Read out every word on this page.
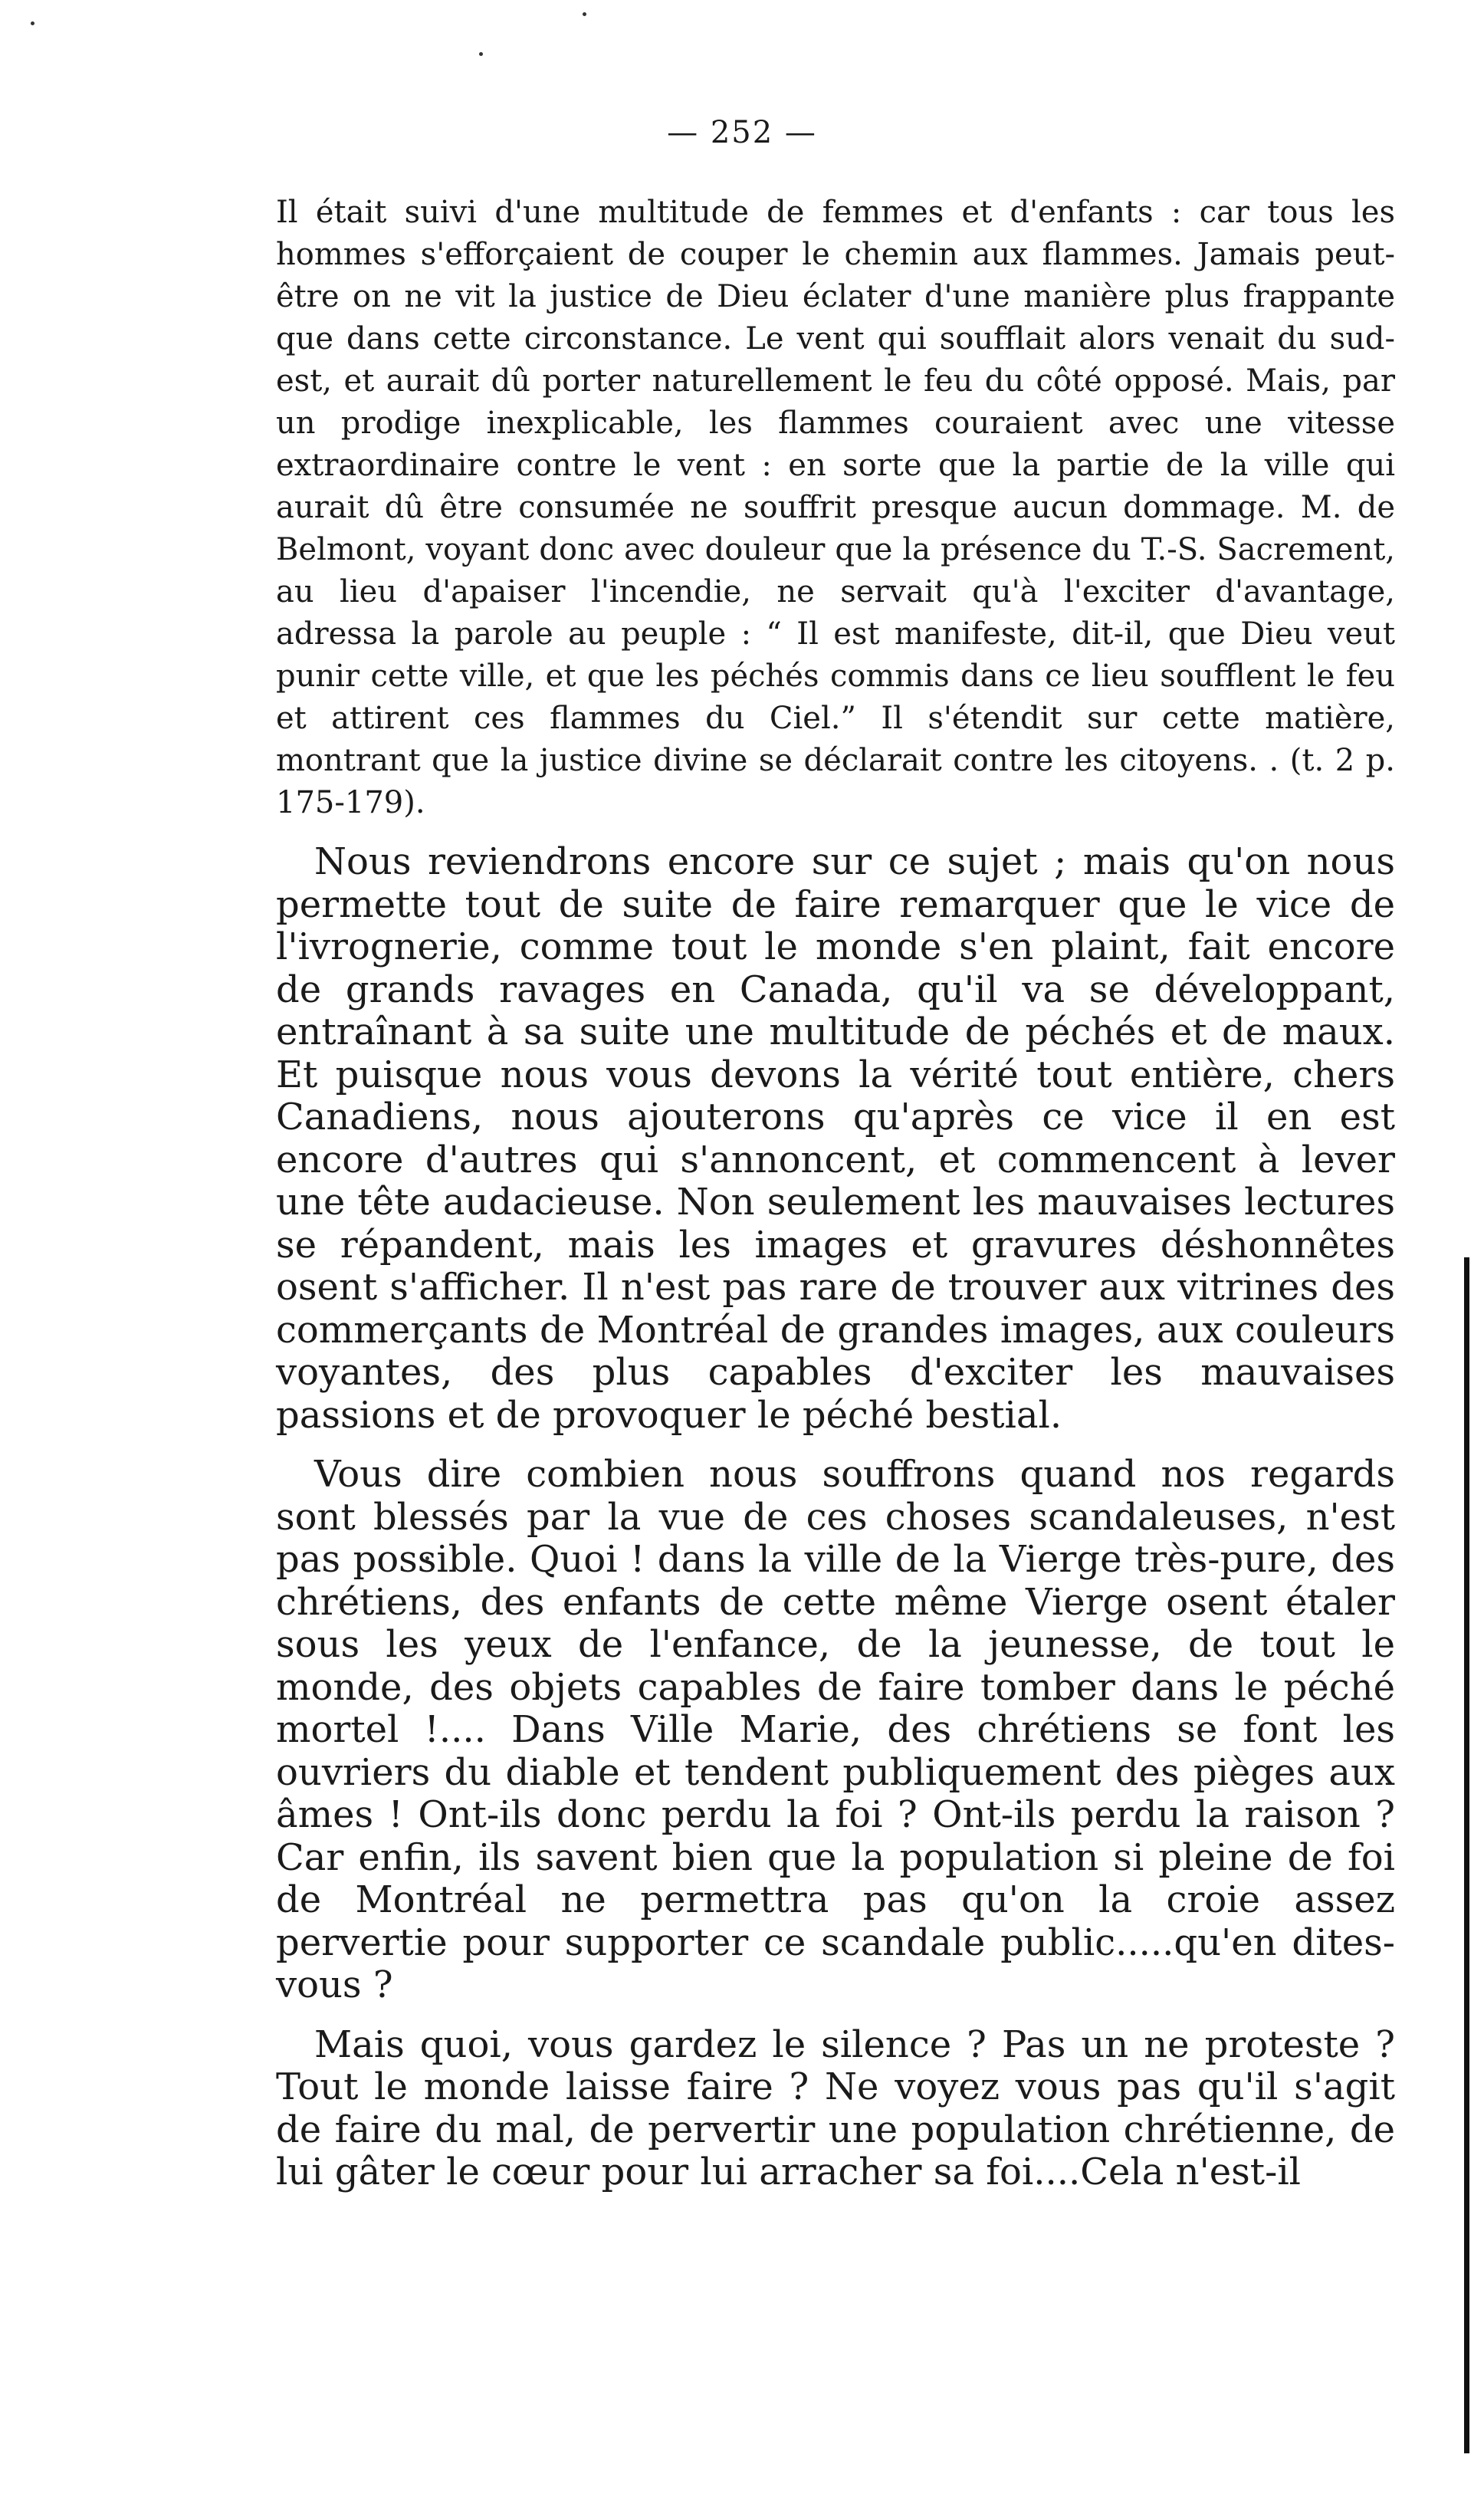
— 252 —

Il était suivi d'une multitude de femmes et d'enfants : car tous les hommes s'efforçaient de couper le chemin aux flammes. Jamais peut-être on ne vit la justice de Dieu éclater d'une manière plus frappante que dans cette circonstance. Le vent qui soufflait alors venait du sud-est, et aurait dû porter naturellement le feu du côté opposé. Mais, par un prodige inexplicable, les flammes couraient avec une vitesse extraordinaire contre le vent : en sorte que la partie de la ville qui aurait dû être consumée ne souffrit presque aucun dommage. M. de Belmont, voyant donc avec douleur que la présence du T.-S. Sacrement, au lieu d'apaiser l'incendie, ne servait qu'à l'exciter d'avantage, adressa la parole au peuple : “ Il est manifeste, dit-il, que Dieu veut punir cette ville, et que les péchés commis dans ce lieu soufflent le feu et attirent ces flammes du Ciel.” Il s'étendit sur cette matière, montrant que la justice divine se déclarait contre les citoyens. . (t. 2 p. 175-179).

Nous reviendrons encore sur ce sujet ; mais qu'on nous permette tout de suite de faire remarquer que le vice de l'ivrognerie, comme tout le monde s'en plaint, fait encore de grands ravages en Canada, qu'il va se développant, entraînant à sa suite une multitude de péchés et de maux. Et puisque nous vous devons la vérité tout entière, chers Canadiens, nous ajouterons qu'après ce vice il en est encore d'autres qui s'annoncent, et commencent à lever une tête audacieuse. Non seulement les mauvaises lectures se répandent, mais les images et gravures déshonnêtes osent s'afficher. Il n'est pas rare de trouver aux vitrines des commerçants de Montréal de grandes images, aux couleurs voyantes, des plus capables d'exciter les mauvaises passions et de provoquer le péché bestial.

Vous dire combien nous souffrons quand nos regards sont blessés par la vue de ces choses scandaleuses, n'est pas possible. Quoi ! dans la ville de la Vierge très-pure, des chrétiens, des enfants de cette même Vierge osent étaler sous les yeux de l'enfance, de la jeunesse, de tout le monde, des objets capables de faire tomber dans le péché mortel !.... Dans Ville Marie, des chrétiens se font les ouvriers du diable et tendent publiquement des pièges aux âmes ! Ont-ils donc perdu la foi ? Ont-ils perdu la raison ? Car enfin, ils savent bien que la population si pleine de foi de Montréal ne permettra pas qu'on la croie assez pervertie pour supporter ce scandale public.....qu'en dites-vous ?

Mais quoi, vous gardez le silence ? Pas un ne proteste ? Tout le monde laisse faire ? Ne voyez vous pas qu'il s'agit de faire du mal, de pervertir une population chrétienne, de lui gâter le cœur pour lui arracher sa foi....Cela n'est-il
